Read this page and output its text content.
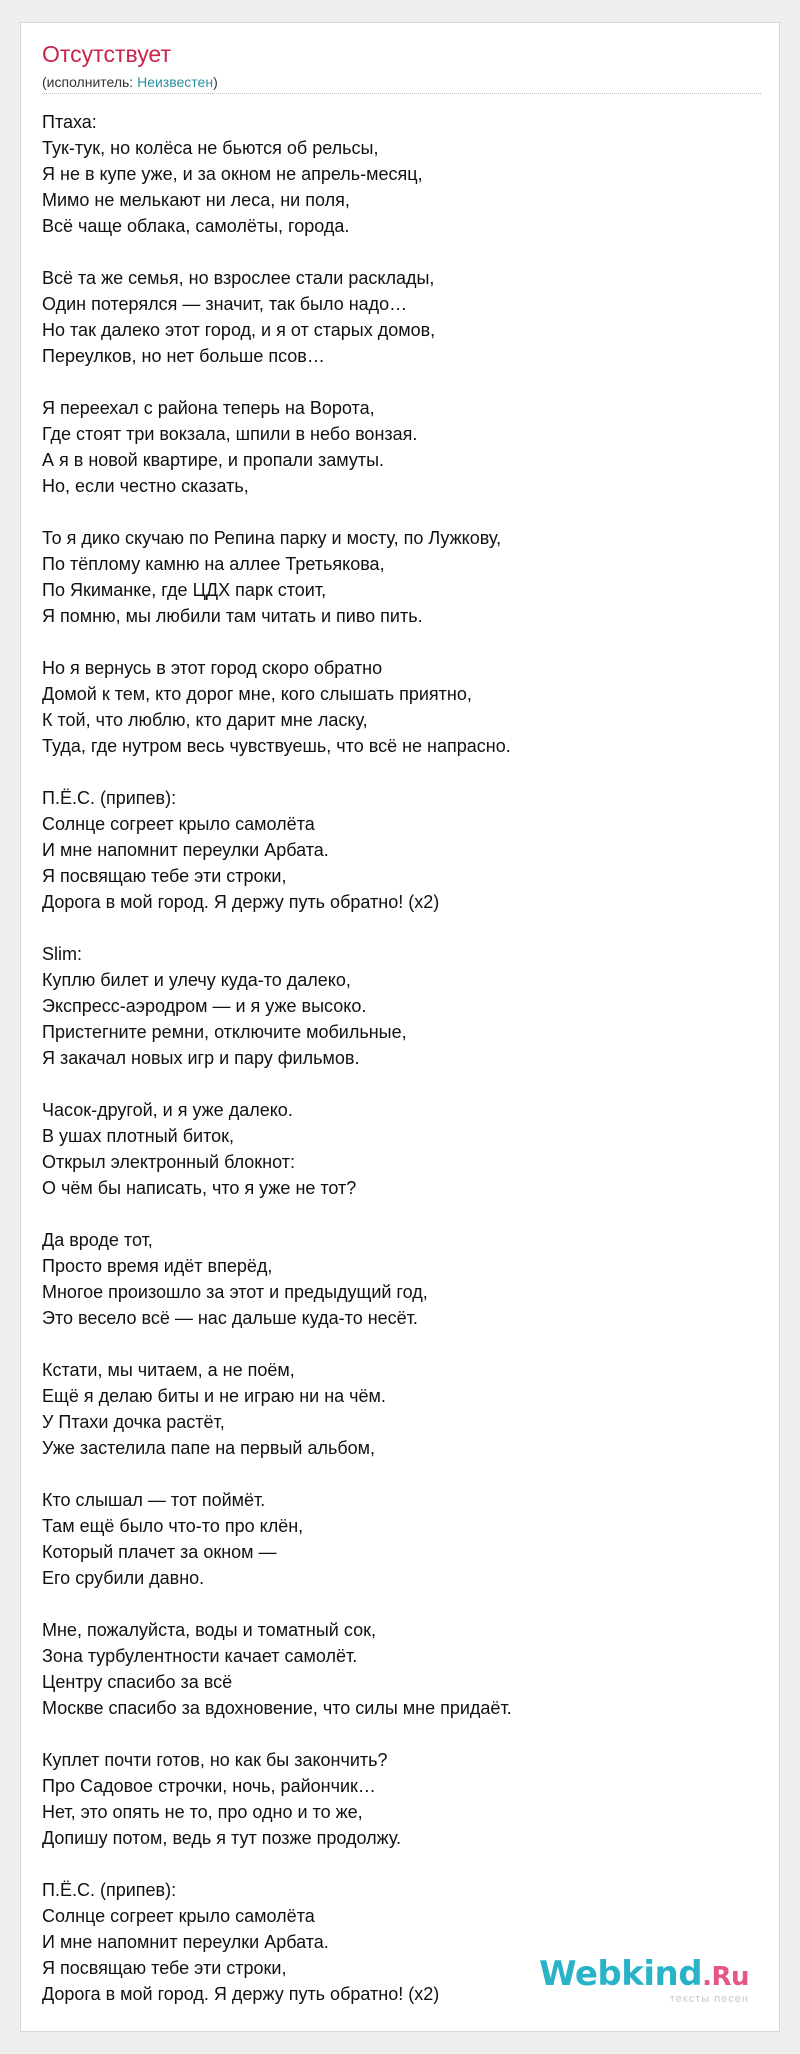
Отсутствует
(исполнитель: Неизвестен)
Птаха:
Тук-тук, но колёса не бьются об рельсы,
Я не в купе уже, и за окном не апрель-месяц,
Мимо не мелькают ни леса, ни поля,
Всё чаще облака, самолёты, города.

Всё та же семья, но взрослее стали расклады,
Один потерялся — значит, так было надо…
Но так далеко этот город, и я от старых домов,
Переулков, но нет больше псов…

Я переехал с района теперь на Ворота,
Где стоят три вокзала, шпили в небо вонзая.
А я в новой квартире, и пропали замуты.
Но, если честно сказать,

То я дико скучаю по Репина парку и мосту, по Лужкову,
По тёплому камню на аллее Третьякова,
По Якиманке, где ЦДХ парк стоит,
Я помню, мы любили там читать и пиво пить.

Но я вернусь в этот город скоро обратно
Домой к тем, кто дорог мне, кого слышать приятно,
К той, что люблю, кто дарит мне ласку,
Туда, где нутром весь чувствуешь, что всё не напрасно.

П.Ё.С. (припев):
Солнце согреет крыло самолёта
И мне напомнит переулки Арбата.
Я посвящаю тебе эти строки,
Дорога в мой город. Я держу путь обратно! (x2)

Slim:
Куплю билет и улечу куда-то далеко,
Экспресс-аэродром — и я уже высоко.
Пристегните ремни, отключите мобильные,
Я закачал новых игр и пару фильмов.

Часок-другой, и я уже далеко.
В ушах плотный биток,
Открыл электронный блокнот:
О чём бы написать, что я уже не тот?

Да вроде тот,
Просто время идёт вперёд,
Многое произошло за этот и предыдущий год,
Это весело всё — нас дальше куда-то несёт.

Кстати, мы читаем, а не поём,
Ещё я делаю биты и не играю ни на чём.
У Птахи дочка растёт,
Уже застелила папе на первый альбом,

Кто слышал — тот поймёт.
Там ещё было что-то про клён,
Который плачет за окном —
Его срубили давно.

Мне, пожалуйста, воды и томатный сок,
Зона турбулентности качает самолёт.
Центру спасибо за всё
Москве спасибо за вдохновение, что силы мне придаёт.

Куплет почти готов, но как бы закончить?
Про Садовое строчки, ночь, райончик…
Нет, это опять не то, про одно и то же,
Допишу потом, ведь я тут позже продолжу.

П.Ё.С. (припев):
Солнце согреет крыло самолёта
И мне напомнит переулки Арбата.
Я посвящаю тебе эти строки,
Дорога в мой город. Я держу путь обратно! (x2)	Webkind.Ru
тексты песен
